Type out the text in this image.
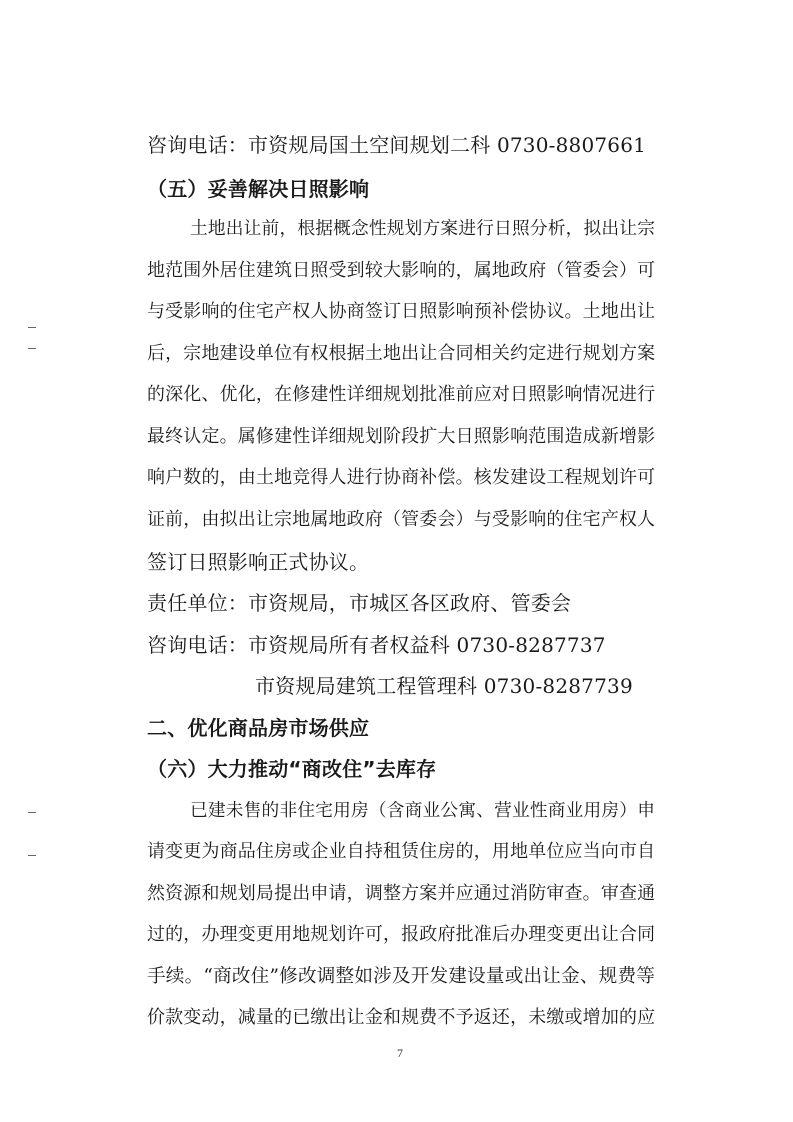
咨询电话：市资规局国土空间规划二科 0730-8807661
（五）妥善解决日照影响
土地出让前，根据概念性规划方案进行日照分析，拟出让宗
地范围外居住建筑日照受到较大影响的，属地政府（管委会）可
与受影响的住宅产权人协商签订日照影响预补偿协议。土地出让
后，宗地建设单位有权根据土地出让合同相关约定进行规划方案
的深化、优化，在修建性详细规划批准前应对日照影响情况进行
最终认定。属修建性详细规划阶段扩大日照影响范围造成新增影
响户数的，由土地竞得人进行协商补偿。核发建设工程规划许可
证前，由拟出让宗地属地政府（管委会）与受影响的住宅产权人
签订日照影响正式协议。
责任单位：市资规局，市城区各区政府、管委会
咨询电话：市资规局所有者权益科 0730-8287737
市资规局建筑工程管理科 0730-8287739
二、优化商品房市场供应
（六）大力推动“商改住”去库存
已建未售的非住宅用房（含商业公寓、营业性商业用房）申
请变更为商品住房或企业自持租赁住房的，用地单位应当向市自
然资源和规划局提出申请，调整方案并应通过消防审查。审查通
过的，办理变更用地规划许可，报政府批准后办理变更出让合同
手续。“商改住”修改调整如涉及开发建设量或出让金、规费等
价款变动，减量的已缴出让金和规费不予返还，未缴或增加的应
7
